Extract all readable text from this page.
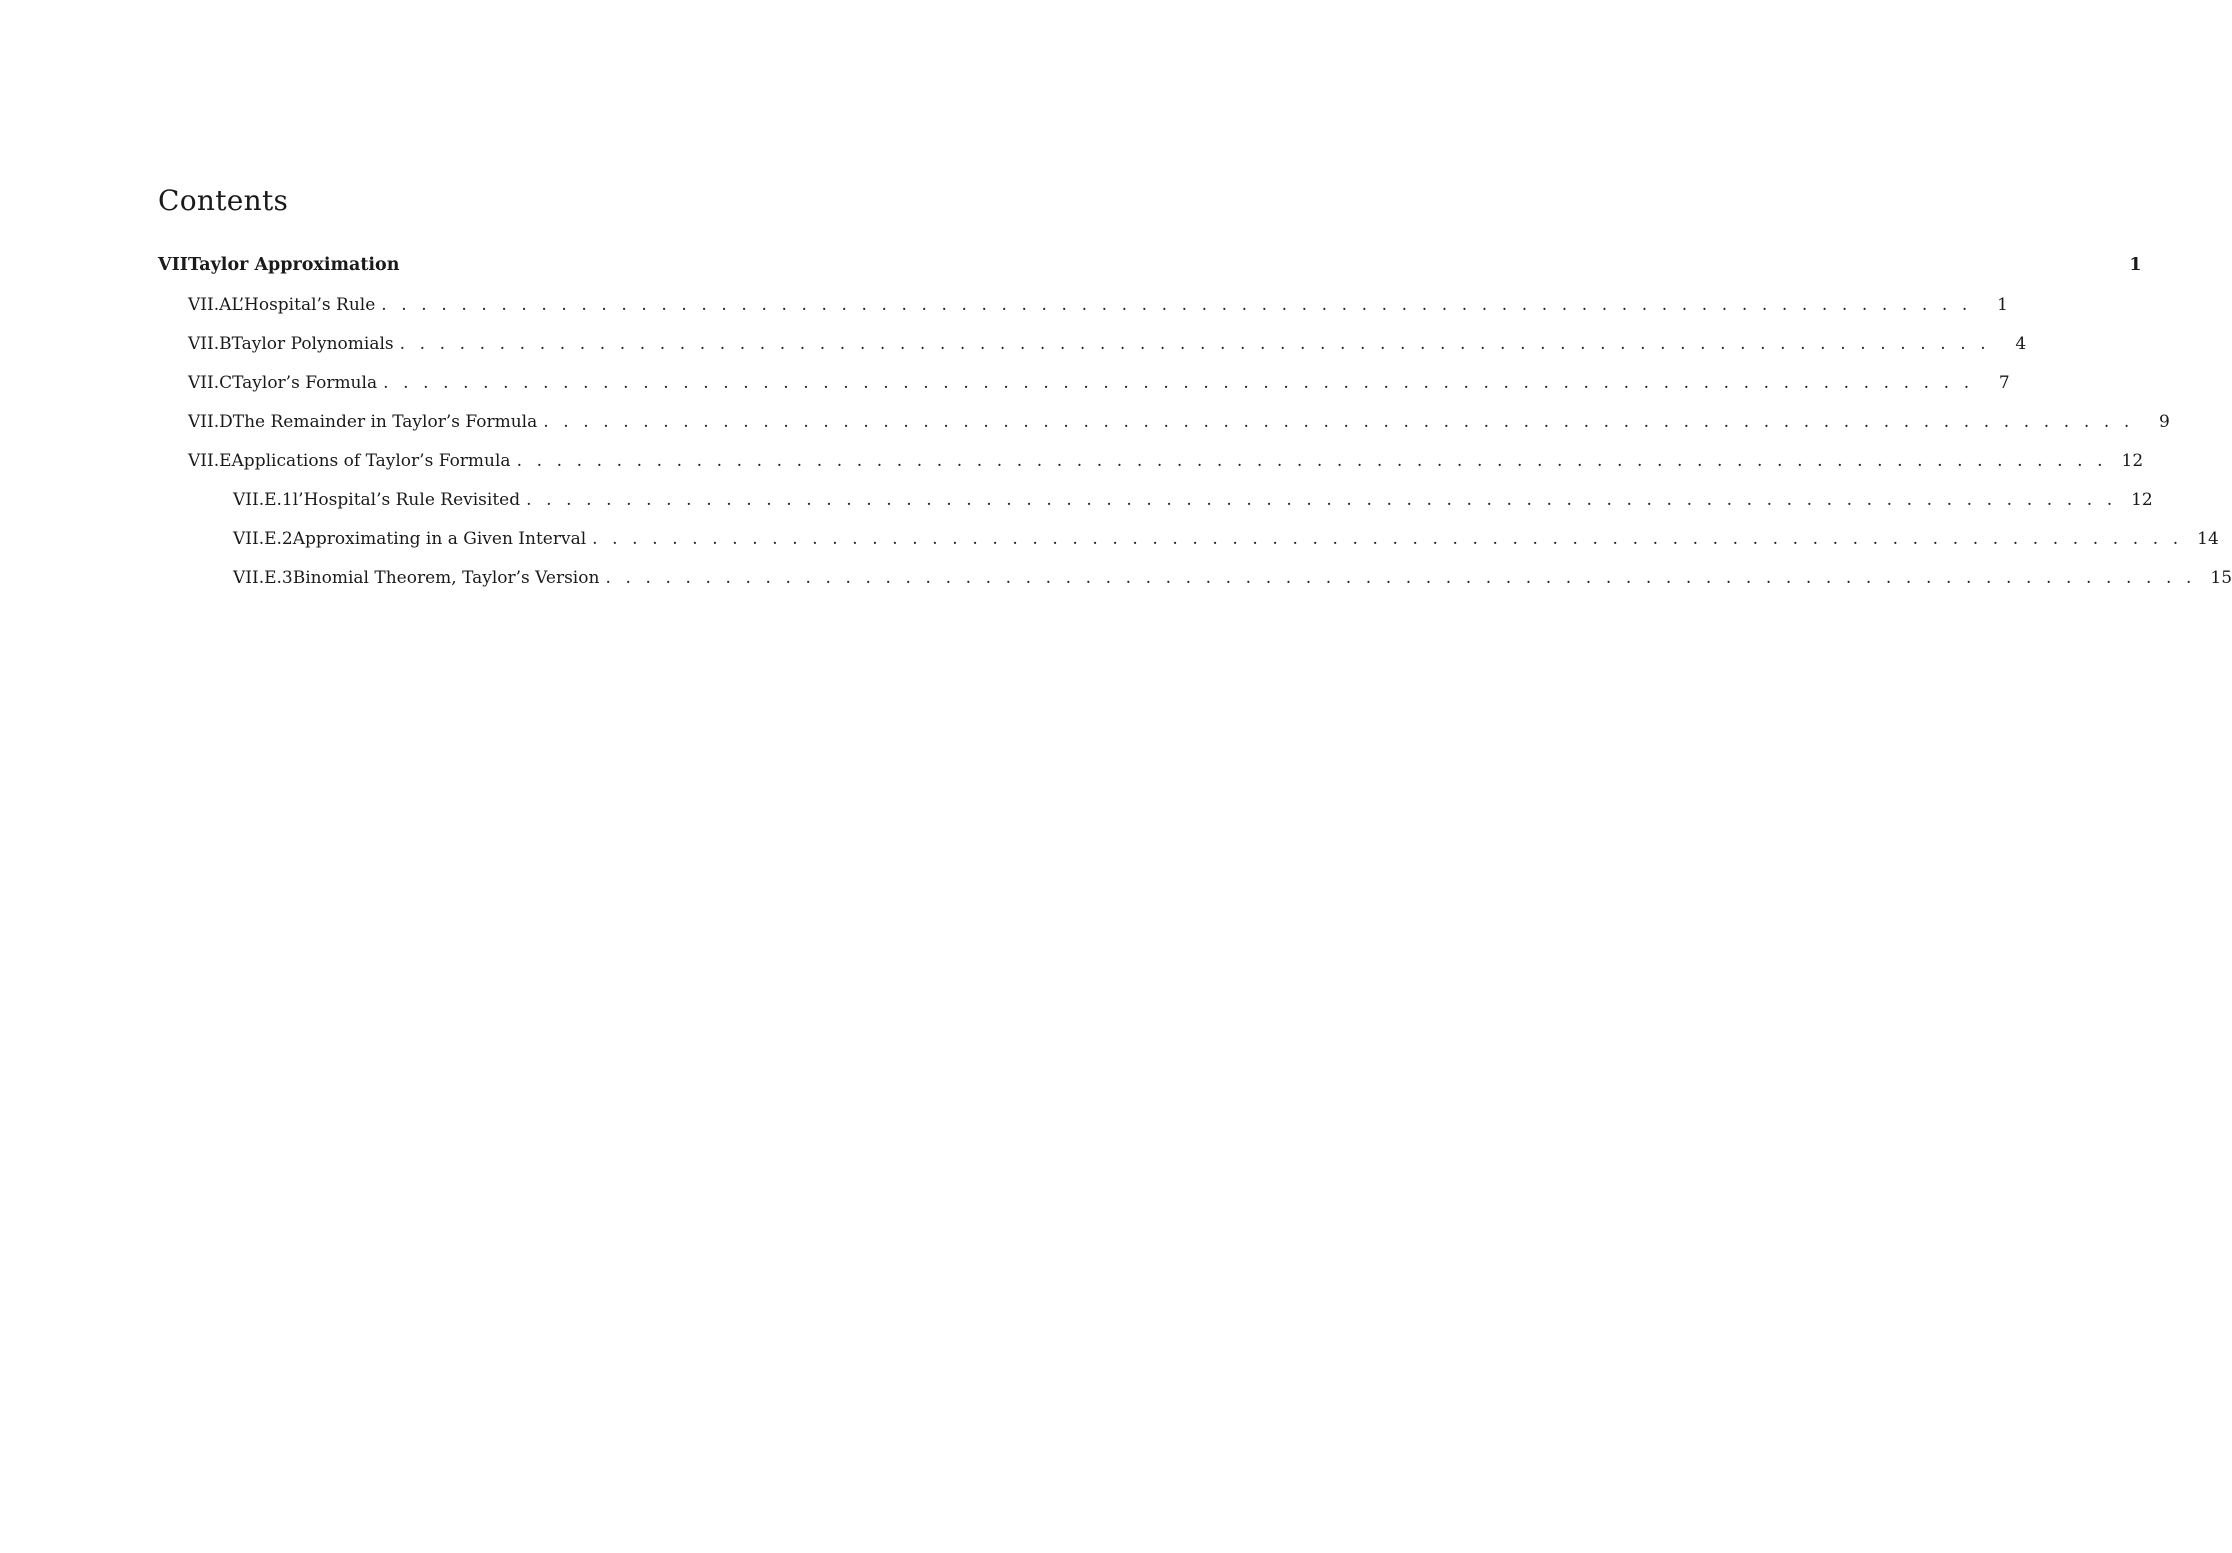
Contents
VII Taylor Approximation	1
VII.A L’Hospital’s Rule . . . . . . . . . . . . . . . . . . . . . . . . . . . . . . . . . . . . . . . . . . . . . . . . . . . . . . . . . . . . . . . . . . . . . . . . . . . . . . . .	1
VII.B Taylor Polynomials . . . . . . . . . . . . . . . . . . . . . . . . . . . . . . . . . . . . . . . . . . . . . . . . . . . . . . . . . . . . . . . . . . . . . . . . . . . . . . . .	4
VII.C Taylor’s Formula . . . . . . . . . . . . . . . . . . . . . . . . . . . . . . . . . . . . . . . . . . . . . . . . . . . . . . . . . . . . . . . . . . . . . . . . . . . . . . . .	7
VII.D The Remainder in Taylor’s Formula . . . . . . . . . . . . . . . . . . . . . . . . . . . . . . . . . . . . . . . . . . . . . . . . . . . . . . . . . . . . . . . . . . . . . . . . . . . . . . . .	9
VII.E Applications of Taylor’s Formula . . . . . . . . . . . . . . . . . . . . . . . . . . . . . . . . . . . . . . . . . . . . . . . . . . . . . . . . . . . . . . . . . . . . . . . . . . . . . . . . 12
VII.E.1 l’Hospital’s Rule Revisited . . . . . . . . . . . . . . . . . . . . . . . . . . . . . . . . . . . . . . . . . . . . . . . . . . . . . . . . . . . . . . . . . . . . . . . . . . . . . . . . 12
VII.E.2 Approximating in a Given Interval . . . . . . . . . . . . . . . . . . . . . . . . . . . . . . . . . . . . . . . . . . . . . . . . . . . . . . . . . . . . . . . . . . . . . . . . . . . . . . . . 14
VII.E.3 Binomial Theorem, Taylor’s Version . . . . . . . . . . . . . . . . . . . . . . . . . . . . . . . . . . . . . . . . . . . . . . . . . . . . . . . . . . . . . . . . . . . . . . . . . . . . . . . . 15
